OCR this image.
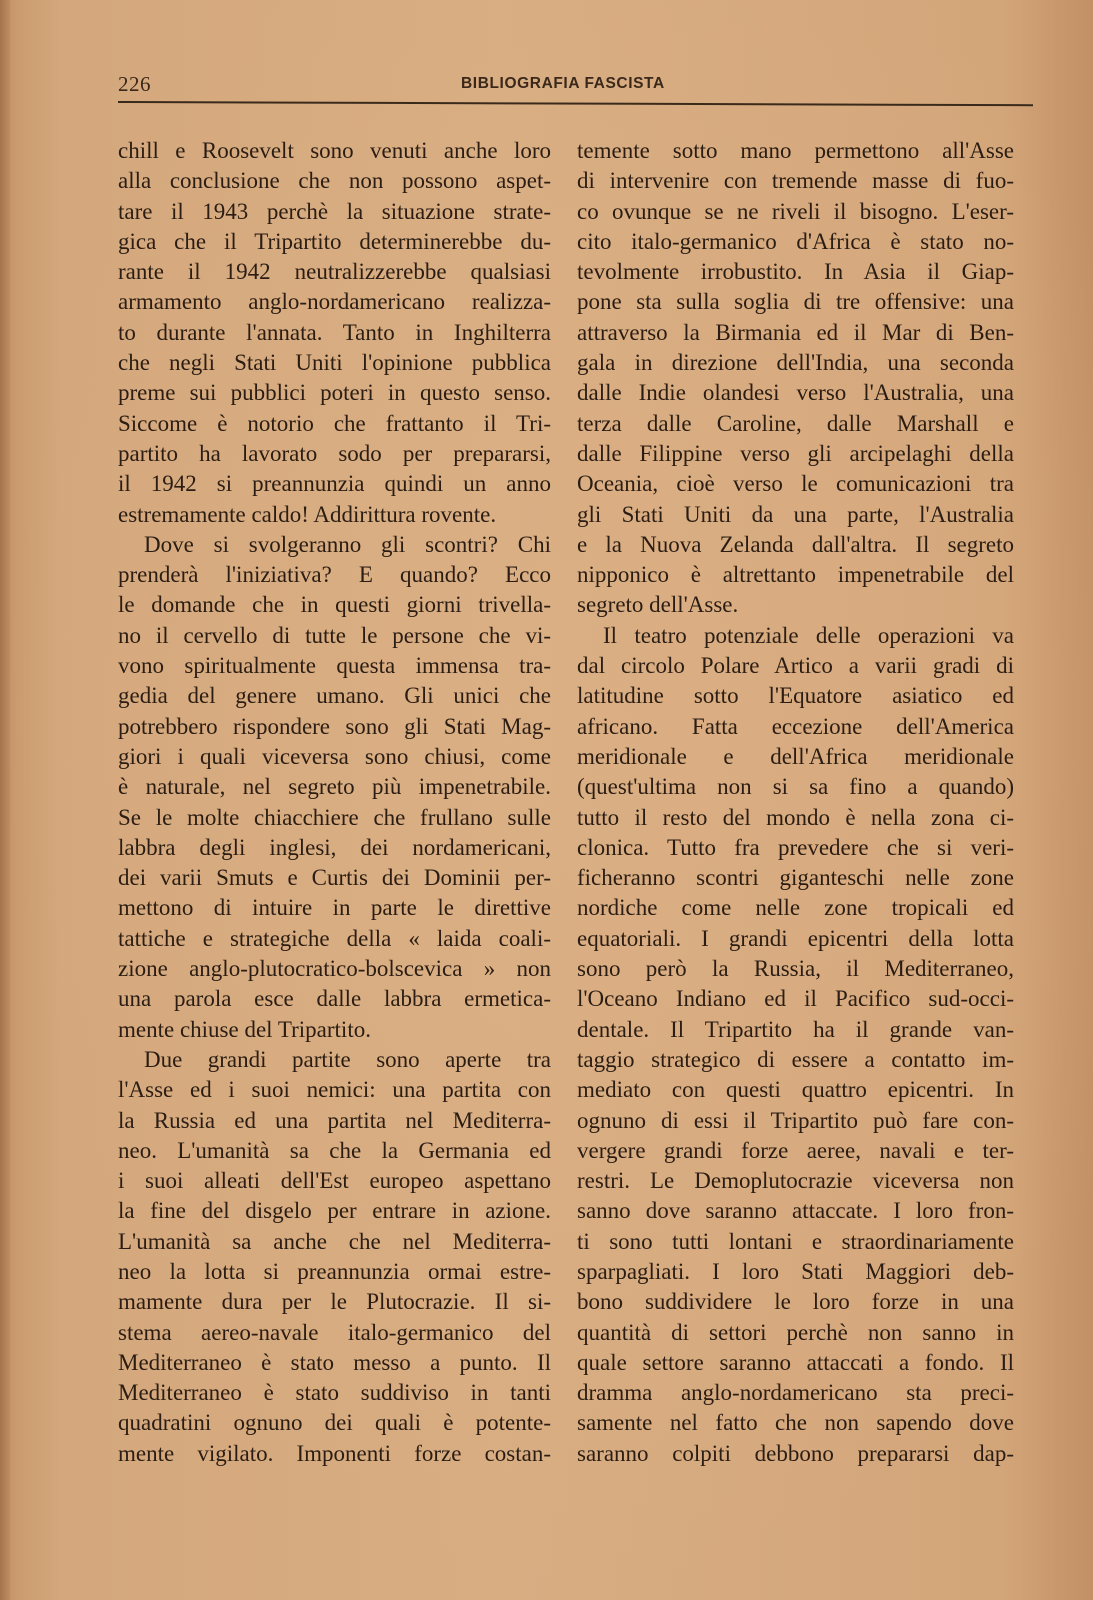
226	BIBLIOGRAFIA FASCISTA
chill e Roosevelt sono venuti anche loro
alla conclusione che non possono aspet-
tare il 1943 perchè la situazione strate-
gica che il Tripartito determinerebbe du-
rante il 1942 neutralizzerebbe qualsiasi
armamento anglo-nordamericano realizza-
to durante l'annata. Tanto in Inghilterra
che negli Stati Uniti l'opinione pubblica
preme sui pubblici poteri in questo senso.
Siccome è notorio che frattanto il Tri-
partito ha lavorato sodo per prepararsi,
il 1942 si preannunzia quindi un anno
estremamente caldo! Addirittura rovente.
Dove si svolgeranno gli scontri? Chi
prenderà l'iniziativa? E quando? Ecco
le domande che in questi giorni trivella-
no il cervello di tutte le persone che vi-
vono spiritualmente questa immensa tra-
gedia del genere umano. Gli unici che
potrebbero rispondere sono gli Stati Mag-
giori i quali viceversa sono chiusi, come
è naturale, nel segreto più impenetrabile.
Se le molte chiacchiere che frullano sulle
labbra degli inglesi, dei nordamericani,
dei varii Smuts e Curtis dei Dominii per-
mettono di intuire in parte le direttive
tattiche e strategiche della « laida coali-
zione anglo-plutocratico-bolscevica » non
una parola esce dalle labbra ermetica-
mente chiuse del Tripartito.
Due grandi partite sono aperte tra
l'Asse ed i suoi nemici: una partita con
la Russia ed una partita nel Mediterra-
neo. L'umanità sa che la Germania ed
i suoi alleati dell'Est europeo aspettano
la fine del disgelo per entrare in azione.
L'umanità sa anche che nel Mediterra-
neo la lotta si preannunzia ormai estre-
mamente dura per le Plutocrazie. Il si-
stema aereo-navale italo-germanico del
Mediterraneo è stato messo a punto. Il
Mediterraneo è stato suddiviso in tanti
quadratini ognuno dei quali è potente-
mente vigilato. Imponenti forze costan-
temente sotto mano permettono all'Asse
di intervenire con tremende masse di fuo-
co ovunque se ne riveli il bisogno. L'eser-
cito italo-germanico d'Africa è stato no-
tevolmente irrobustito. In Asia il Giap-
pone sta sulla soglia di tre offensive: una
attraverso la Birmania ed il Mar di Ben-
gala in direzione dell'India, una seconda
dalle Indie olandesi verso l'Australia, una
terza dalle Caroline, dalle Marshall e
dalle Filippine verso gli arcipelaghi della
Oceania, cioè verso le comunicazioni tra
gli Stati Uniti da una parte, l'Australia
e la Nuova Zelanda dall'altra. Il segreto
nipponico è altrettanto impenetrabile del
segreto dell'Asse.
Il teatro potenziale delle operazioni va
dal circolo Polare Artico a varii gradi di
latitudine sotto l'Equatore asiatico ed
africano. Fatta eccezione dell'America
meridionale e dell'Africa meridionale
(quest'ultima non si sa fino a quando)
tutto il resto del mondo è nella zona ci-
clonica. Tutto fra prevedere che si veri-
ficheranno scontri giganteschi nelle zone
nordiche come nelle zone tropicali ed
equatoriali. I grandi epicentri della lotta
sono però la Russia, il Mediterraneo,
l'Oceano Indiano ed il Pacifico sud-occi-
dentale. Il Tripartito ha il grande van-
taggio strategico di essere a contatto im-
mediato con questi quattro epicentri. In
ognuno di essi il Tripartito può fare con-
vergere grandi forze aeree, navali e ter-
restri. Le Demoplutocrazie viceversa non
sanno dove saranno attaccate. I loro fron-
ti sono tutti lontani e straordinariamente
sparpagliati. I loro Stati Maggiori deb-
bono suddividere le loro forze in una
quantità di settori perchè non sanno in
quale settore saranno attaccati a fondo. Il
dramma anglo-nordamericano sta preci-
samente nel fatto che non sapendo dove
saranno colpiti debbono prepararsi dap-
